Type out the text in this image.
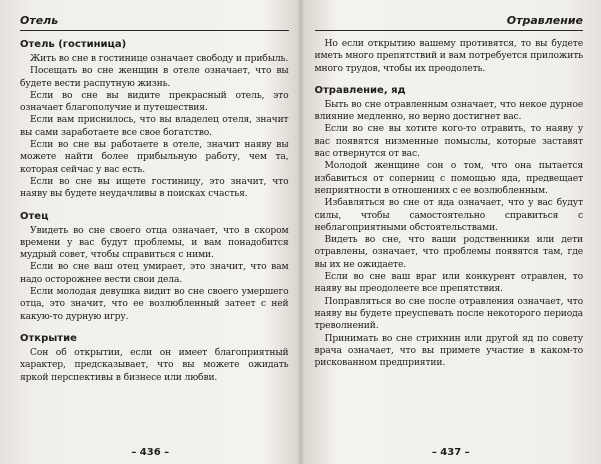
Отель
Отель (гостиница)

Жить во сне в гостинице означает свободу и прибыль.

Посещать во сне женщин в отеле означает, что вы будете вести распутную жизнь.

Если во сне вы видите прекрасный отель, это означает благополучие и путешествия.

Если вам приснилось, что вы владелец отеля, значит вы сами заработаете все свое богатство.

Если во сне вы работаете в отеле, значит наяву вы можете найти более прибыльную работу, чем та, которая сейчас у вас есть.

Если во сне вы ищете гостиницу, это значит, что наяву вы будете неудачливы в поисках счастья.

Отец

Увидеть во сне своего отца означает, что в скором времени у вас будут проблемы, и вам понадобится мудрый совет, чтобы справиться с ними.

Если во сне ваш отец умирает, это значит, что вам надо осторожнее вести свои дела.

Если молодая девушка видит во сне своего умершего отца, это значит, что ее возлюбленный затеет с ней какую-то дурную игру.

Открытие

Сон об открытии, если он имеет благоприятный характер, предсказывает, что вы можете ожидать яркой перспективы в бизнесе или любви.

– 436 –
Отравление

Но если открытию вашему противятся, то вы будете иметь много препятствий и вам потребуется приложить много трудов, чтобы их преодолеть.

Отравление, яд

Быть во сне отравленным означает, что некое дурное влияние медленно, но верно достигнет вас.

Если во сне вы хотите кого-то отравить, то наяву у вас появятся низменные помыслы, которые заставят вас отвернутся от вас.

Молодой женщине сон о том, что она пытается избавиться от соперниц с помощью яда, предвещает неприятности в отношениях с ее возлюбленным.

Избавляться во сне от яда означает, что у вас будут силы, чтобы самостоятельно справиться с неблагоприятными обстоятельствами.

Видеть во сне, что ваши родственники или дети отравлены, означает, что проблемы появятся там, где вы их не ожидаете.

Если во сне ваш враг или конкурент отравлен, то наяву вы преодолеете все препятствия.

Поправляться во сне после отравления означает, что наяву вы будете преуспевать после некоторого периода треволнений.

Принимать во сне стрихнин или другой яд по совету врача означает, что вы примете участие в каком-то рискованном предприятии.

– 437 –
